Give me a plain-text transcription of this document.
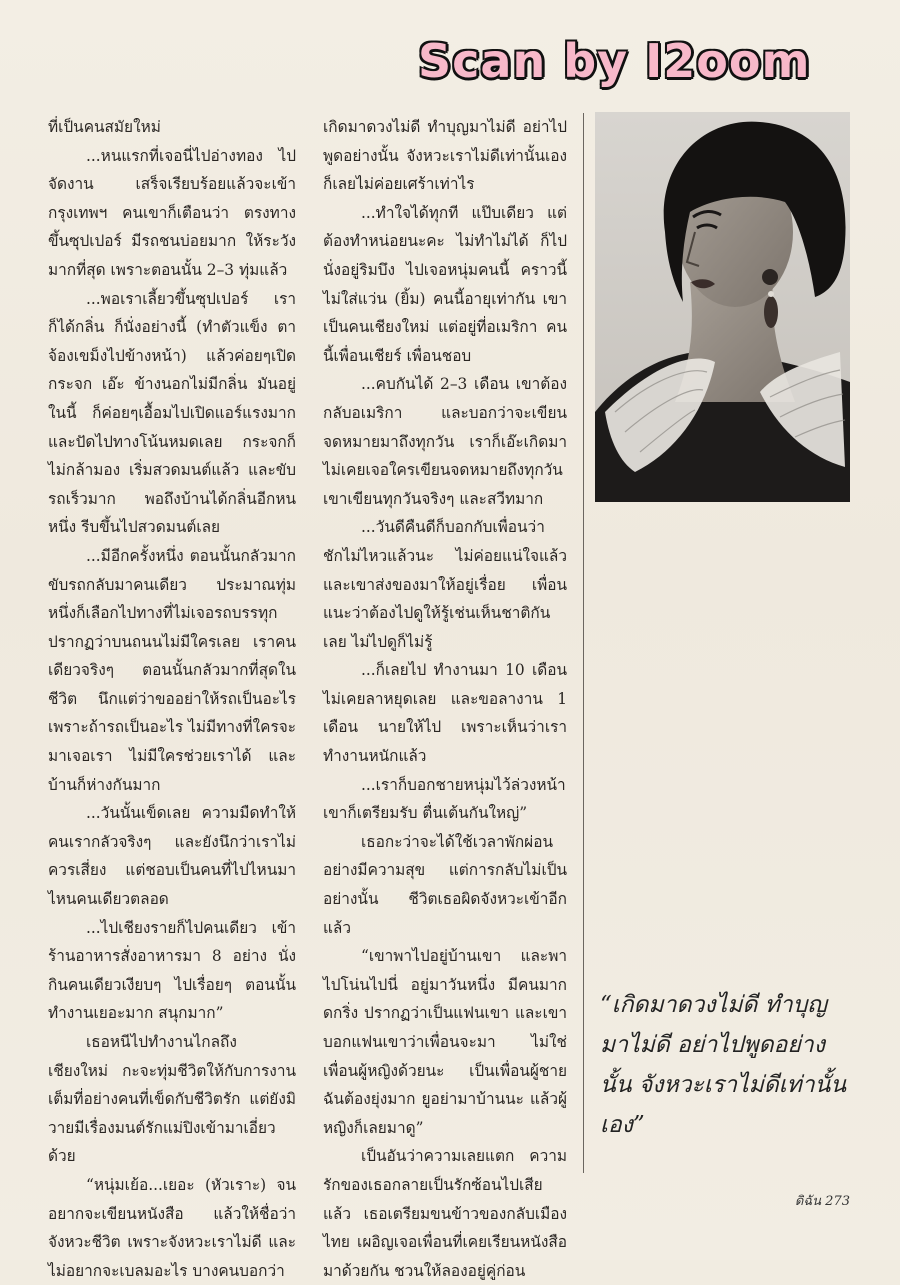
Scan by I2oom

ที่เป็นคนสมัยใหม่

...หนแรกที่เจอนี่ไปอ่างทอง ไปจัดงาน เสร็จเรียบร้อยแล้วจะเข้ากรุงเทพฯ คนเขาก็เตือนว่า ตรงทางขึ้นซุปเปอร์ มีรถชนบ่อยมาก ให้ระวังมากที่สุด เพราะตอนนั้น 2–3 ทุ่มแล้ว

...พอเราเลี้ยวขึ้นซุปเปอร์ เราก็ได้กลิ่น ก็นั่งอย่างนี้ (ทำตัวแข็ง ตาจ้องเขม็งไปข้างหน้า) แล้วค่อยๆเปิดกระจก เอ๊ะ ข้างนอกไม่มีกลิ่น มันอยู่ในนี้ ก็ค่อยๆเอื้อมไปเปิดแอร์แรงมากและปัดไปทางโน้นหมดเลย กระจกก็ไม่กล้ามอง เริ่มสวดมนต์แล้ว และขับรถเร็วมาก พอถึงบ้านได้กลิ่นอีกหนหนึ่ง รีบขึ้นไปสวดมนต์เลย

...มีอีกครั้งหนึ่ง ตอนนั้นกลัวมาก ขับรถกลับมาคนเดียว ประมาณทุ่มหนึ่งก็เลือกไปทางที่ไม่เจอรถบรรทุก ปรากฏว่าบนถนนไม่มีใครเลย เราคนเดียวจริงๆ ตอนนั้นกลัวมากที่สุดในชีวิต นึกแต่ว่าขออย่าให้รถเป็นอะไร เพราะถ้ารถเป็นอะไร ไม่มีทางที่ใครจะมาเจอเรา ไม่มีใครช่วยเราได้ และบ้านก็ห่างกันมาก

...วันนั้นเข็ดเลย ความมืดทำให้คนเรากลัวจริงๆ และยังนึกว่าเราไม่ควรเสี่ยง แต่ชอบเป็นคนที่ไปไหนมาไหนคนเดียวตลอด

...ไปเชียงรายก็ไปคนเดียว เข้าร้านอาหารสั่งอาหารมา 8 อย่าง นั่งกินคนเดียวเงียบๆ ไปเรื่อยๆ ตอนนั้นทำงานเยอะมาก สนุกมาก”

เธอหนีไปทำงานไกลถึงเชียงใหม่ กะจะทุ่มชีวิตให้กับการงานเต็มที่อย่างคนที่เข็ดกับชีวิตรัก แต่ยังมิวายมีเรื่องมนต์รักแม่ปิงเข้ามาเอี่ยวด้วย

“หนุ่มเย้อ...เยอะ (หัวเราะ) จนอยากจะเขียนหนังสือ แล้วให้ชื่อว่า จังหวะชีวิต เพราะจังหวะเราไม่ดี และไม่อยากจะเบลมอะไร บางคนบอกว่า

เกิดมาดวงไม่ดี ทำบุญมาไม่ดี อย่าไปพูดอย่างนั้น จังหวะเราไม่ดีเท่านั้นเอง ก็เลยไม่ค่อยเศร้าเท่าไร

...ทำใจได้ทุกที แป๊บเดียว แต่ต้องทำหน่อยนะคะ ไม่ทำไม่ได้ ก็ไปนั่งอยู่ริมบึง ไปเจอหนุ่มคนนี้ คราวนี้ไม่ใส่แว่น (ยิ้ม) คนนี้อายุเท่ากัน เขาเป็นคนเชียงใหม่ แต่อยู่ที่อเมริกา คนนี้เพื่อนเชียร์ เพื่อนชอบ

...คบกันได้ 2–3 เดือน เขาต้องกลับอเมริกา และบอกว่าจะเขียนจดหมายมาถึงทุกวัน เราก็เอ๊ะเกิดมาไม่เคยเจอใครเขียนจดหมายถึงทุกวัน เขาเขียนทุกวันจริงๆ และสวีทมาก

...วันดีคืนดีก็บอกกับเพื่อนว่า ชักไม่ไหวแล้วนะ ไม่ค่อยแน่ใจแล้ว และเขาส่งของมาให้อยู่เรื่อย เพื่อนแนะว่าต้องไปดูให้รู้เช่นเห็นชาติกันเลย ไม่ไปดูก็ไม่รู้

...ก็เลยไป ทำงานมา 10 เดือนไม่เคยลาหยุดเลย และขอลางาน 1 เดือน นายให้ไป เพราะเห็นว่าเราทำงานหนักแล้ว

...เราก็บอกชายหนุ่มไว้ล่วงหน้า เขาก็เตรียมรับ ตื่นเต้นกันใหญ่”

เธอกะว่าจะได้ใช้เวลาพักผ่อนอย่างมีความสุข แต่การกลับไม่เป็นอย่างนั้น ชีวิตเธอผิดจังหวะเข้าอีกแล้ว

“เขาพาไปอยู่บ้านเขา และพาไปโน่นไปนี่ อยู่มาวันหนึ่ง มีคนมากดกริ่ง ปรากฏว่าเป็นแฟนเขา และเขาบอกแฟนเขาว่าเพื่อนจะมา ไม่ใช่เพื่อนผู้หญิงด้วยนะ เป็นเพื่อนผู้ชาย ฉันต้องยุ่งมาก ยูอย่ามาบ้านนะ แล้วผู้หญิงก็เลยมาดู”

เป็นอันว่าความเลยแตก ความรักของเธอกลายเป็นรักซ้อนไปเสียแล้ว เธอเตรียมขนข้าวของกลับเมืองไทย เผอิญเจอเพื่อนที่เคยเรียนหนังสือมาด้วยกัน ชวนให้ลองอยู่คู่ก่อน

“เกิดมาดวงไม่ดี ทำบุญมาไม่ดี อย่าไปพูดอย่างนั้น จังหวะเราไม่ดีเท่านั้นเอง”

ดิฉัน 273
